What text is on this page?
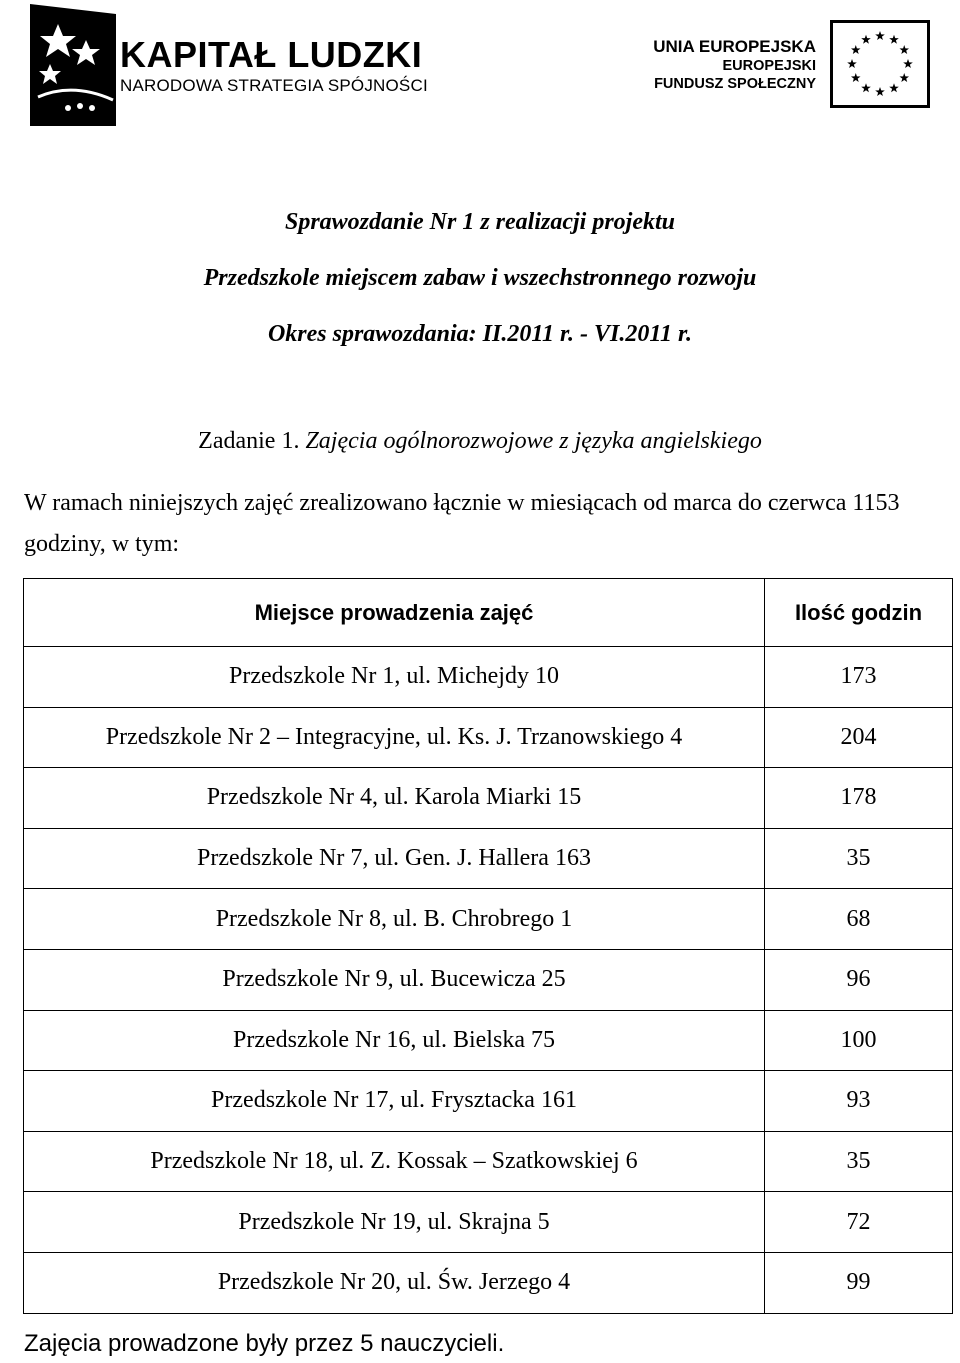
KAPITAŁ LUDZKI
NARODOWA STRATEGIA SPÓJNOŚCI
UNIA EUROPEJSKA
EUROPEJSKI
FUNDUSZ SPOŁECZNY
Sprawozdanie Nr 1 z realizacji projektu
Przedszkole miejscem zabaw i wszechstronnego rozwoju
Okres sprawozdania: II.2011 r. - VI.2011 r.
Zadanie 1. Zajęcia ogólnorozwojowe z języka angielskiego
W ramach niniejszych zajęć zrealizowano łącznie w miesiącach od marca do czerwca 1153 godziny, w tym:
Miejsce prowadzenia zajęć	Ilość godzin
Przedszkole Nr 1, ul. Michejdy 10	173
Przedszkole Nr 2 – Integracyjne, ul. Ks. J. Trzanowskiego 4	204
Przedszkole Nr 4, ul. Karola Miarki 15	178
Przedszkole Nr 7, ul. Gen. J. Hallera 163	35
Przedszkole Nr 8, ul. B. Chrobrego 1	68
Przedszkole Nr 9, ul. Bucewicza 25	96
Przedszkole Nr 16, ul. Bielska 75	100
Przedszkole Nr 17, ul. Frysztacka 161	93
Przedszkole Nr 18, ul. Z. Kossak – Szatkowskiej 6	35
Przedszkole Nr 19, ul. Skrajna 5	72
Przedszkole Nr 20, ul. Św. Jerzego 4	99
Zajęcia prowadzone były przez 5 nauczycieli.
